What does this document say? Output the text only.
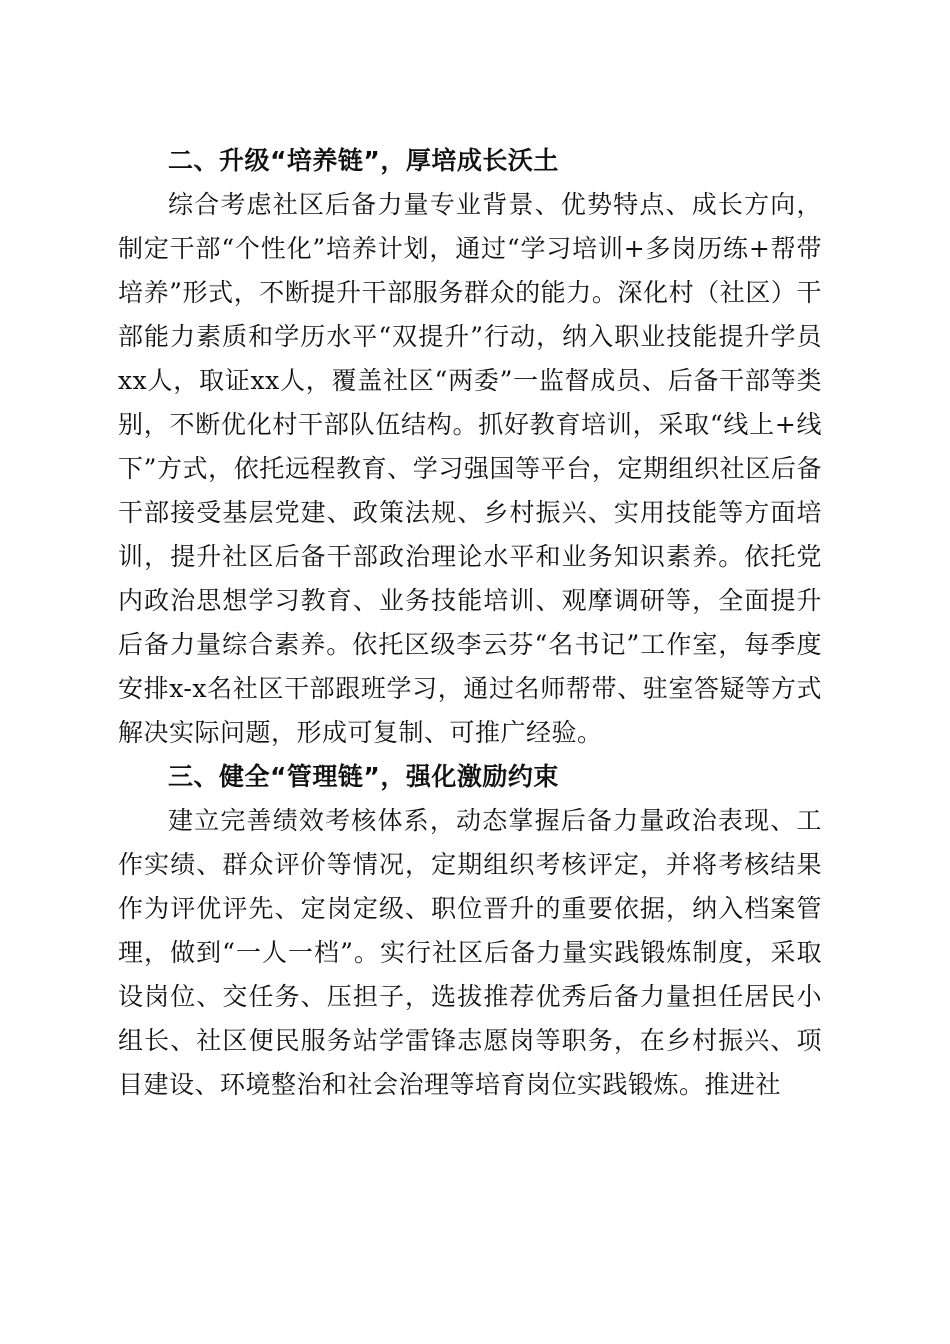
二、升级“培养链”，厚培成长沃土

综合考虑社区后备力量专业背景、优势特点、成长方向，制定干部“个性化”培养计划，通过“学习培训+多岗历练+帮带培养”形式，不断提升干部服务群众的能力。深化村（社区）干部能力素质和学历水平“双提升”行动，纳入职业技能提升学员xx人，取证xx人，覆盖社区“两委”一监督成员、后备干部等类别，不断优化村干部队伍结构。抓好教育培训，采取“线上+线下”方式，依托远程教育、学习强国等平台，定期组织社区后备干部接受基层党建、政策法规、乡村振兴、实用技能等方面培训，提升社区后备干部政治理论水平和业务知识素养。依托党内政治思想学习教育、业务技能培训、观摩调研等，全面提升后备力量综合素养。依托区级李云芬“名书记”工作室，每季度安排x-x名社区干部跟班学习，通过名师帮带、驻室答疑等方式解决实际问题，形成可复制、可推广经验。

三、健全“管理链”，强化激励约束

建立完善绩效考核体系，动态掌握后备力量政治表现、工作实绩、群众评价等情况，定期组织考核评定，并将考核结果作为评优评先、定岗定级、职位晋升的重要依据，纳入档案管理，做到“一人一档”。实行社区后备力量实践锻炼制度，采取设岗位、交任务、压担子，选拔推荐优秀后备力量担任居民小组长、社区便民服务站学雷锋志愿岗等职务，在乡村振兴、项目建设、环境整治和社会治理等培育岗位实践锻炼。推进社
